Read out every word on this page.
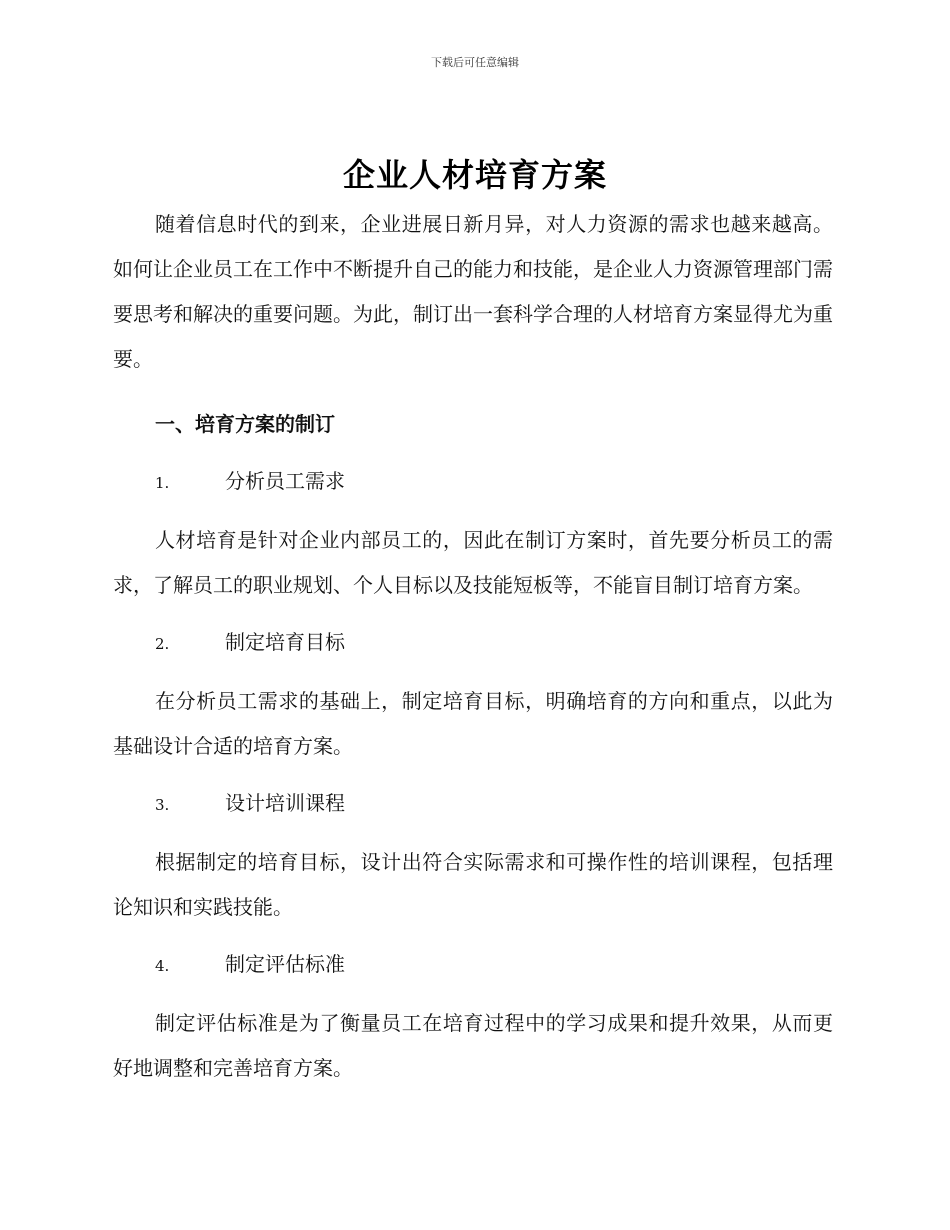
下载后可任意编辑
企业人材培育方案

随着信息时代的到来，企业进展日新月异，对人力资源的需求也越来越高。如何让企业员工在工作中不断提升自己的能力和技能，是企业人力资源管理部门需要思考和解决的重要问题。为此，制订出一套科学合理的人材培育方案显得尤为重要。

一、培育方案的制订
1.	分析员工需求

人材培育是针对企业内部员工的，因此在制订方案时，首先要分析员工的需求，了解员工的职业规划、个人目标以及技能短板等，不能盲目制订培育方案。

2.	制定培育目标

在分析员工需求的基础上，制定培育目标，明确培育的方向和重点，以此为基础设计合适的培育方案。

3.	设计培训课程

根据制定的培育目标，设计出符合实际需求和可操作性的培训课程，包括理论知识和实践技能。

4.	制定评估标准

制定评估标准是为了衡量员工在培育过程中的学习成果和提升效果，从而更好地调整和完善培育方案。
